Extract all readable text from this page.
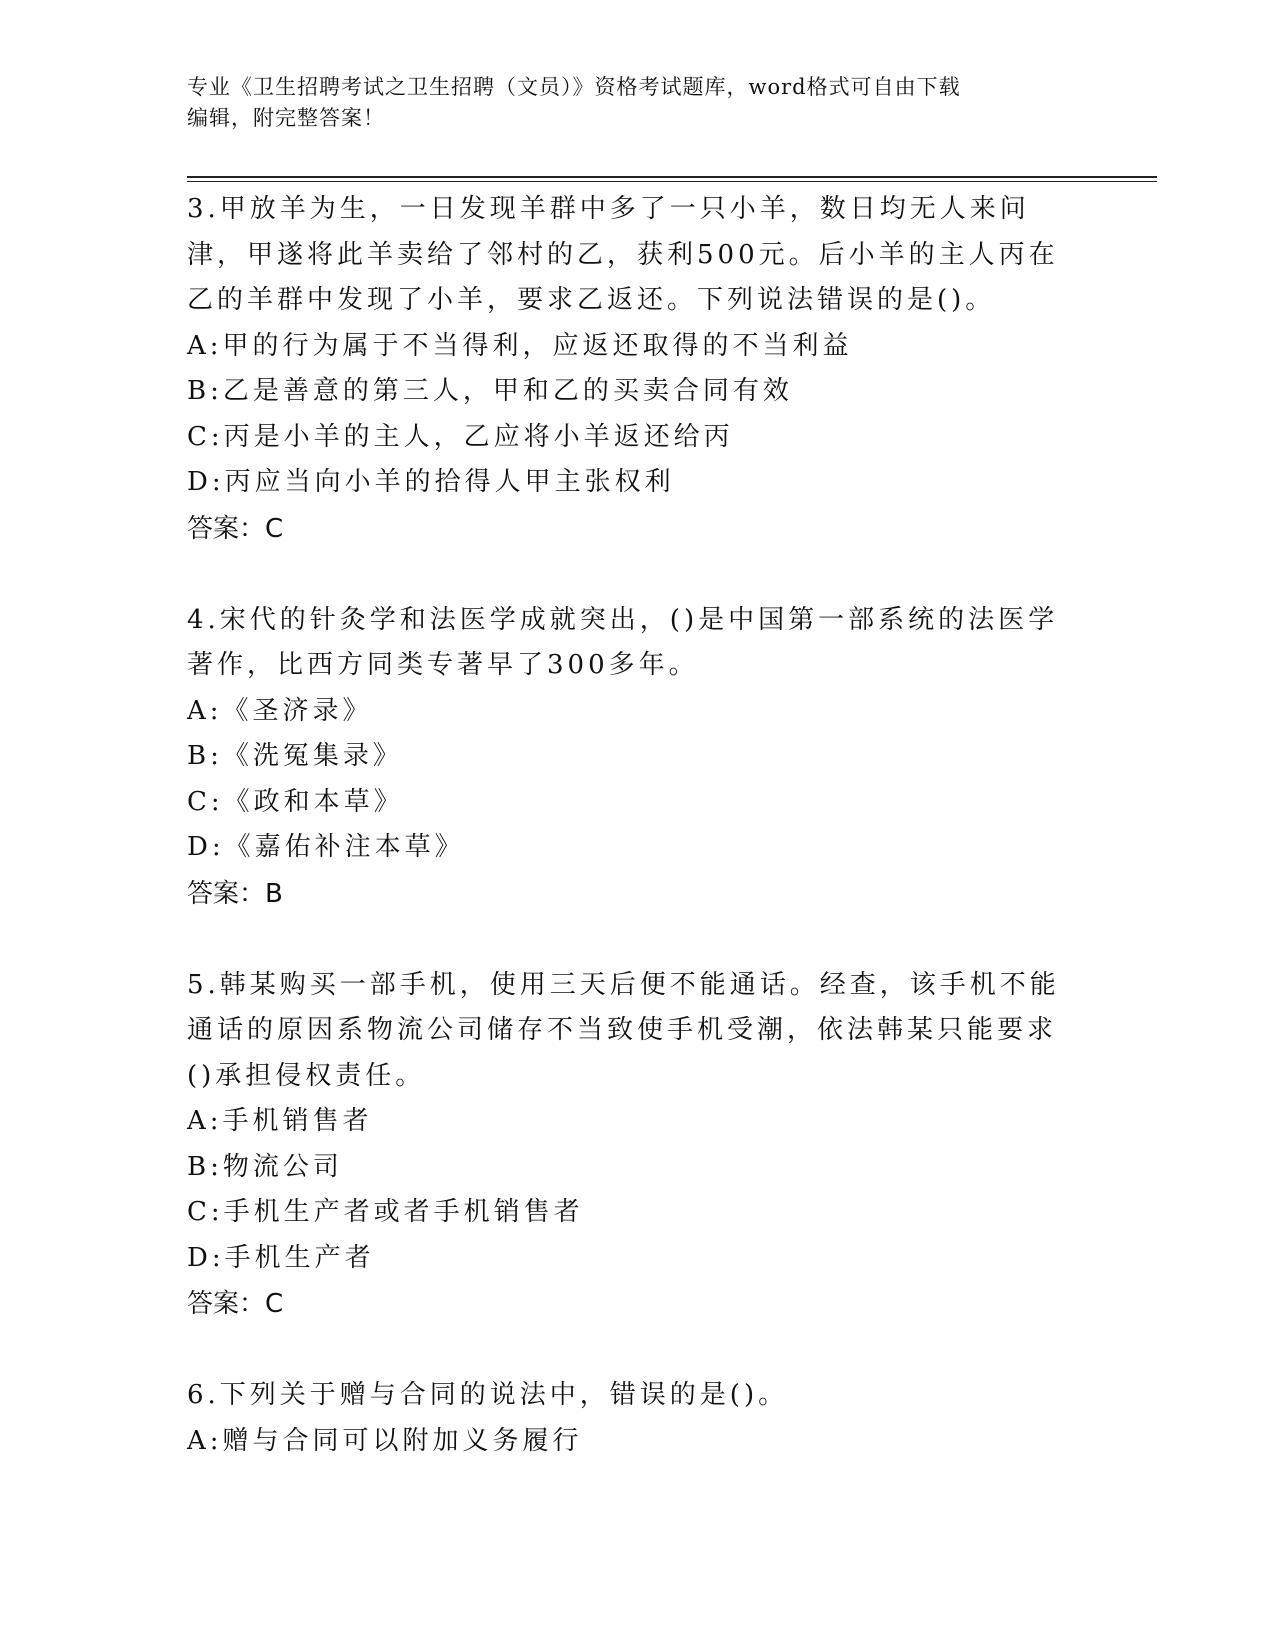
专业《卫生招聘考试之卫生招聘（文员）》资格考试题库，word格式可自由下载
编辑，附完整答案！
3.甲放羊为生，一日发现羊群中多了一只小羊，数日均无人来问津，甲遂将此羊卖给了邻村的乙，获利500元。后小羊的主人丙在乙的羊群中发现了小羊，要求乙返还。下列说法错误的是()。
A:甲的行为属于不当得利，应返还取得的不当利益
B:乙是善意的第三人，甲和乙的买卖合同有效
C:丙是小羊的主人，乙应将小羊返还给丙
D:丙应当向小羊的拾得人甲主张权利
答案：C
4.宋代的针灸学和法医学成就突出，()是中国第一部系统的法医学著作，比西方同类专著早了300多年。
A:《圣济录》
B:《洗冤集录》
C:《政和本草》
D:《嘉佑补注本草》
答案：B
5.韩某购买一部手机，使用三天后便不能通话。经查，该手机不能通话的原因系物流公司储存不当致使手机受潮，依法韩某只能要求()承担侵权责任。
A:手机销售者
B:物流公司
C:手机生产者或者手机销售者
D:手机生产者
答案：C
6.下列关于赠与合同的说法中，错误的是()。
A:赠与合同可以附加义务履行
